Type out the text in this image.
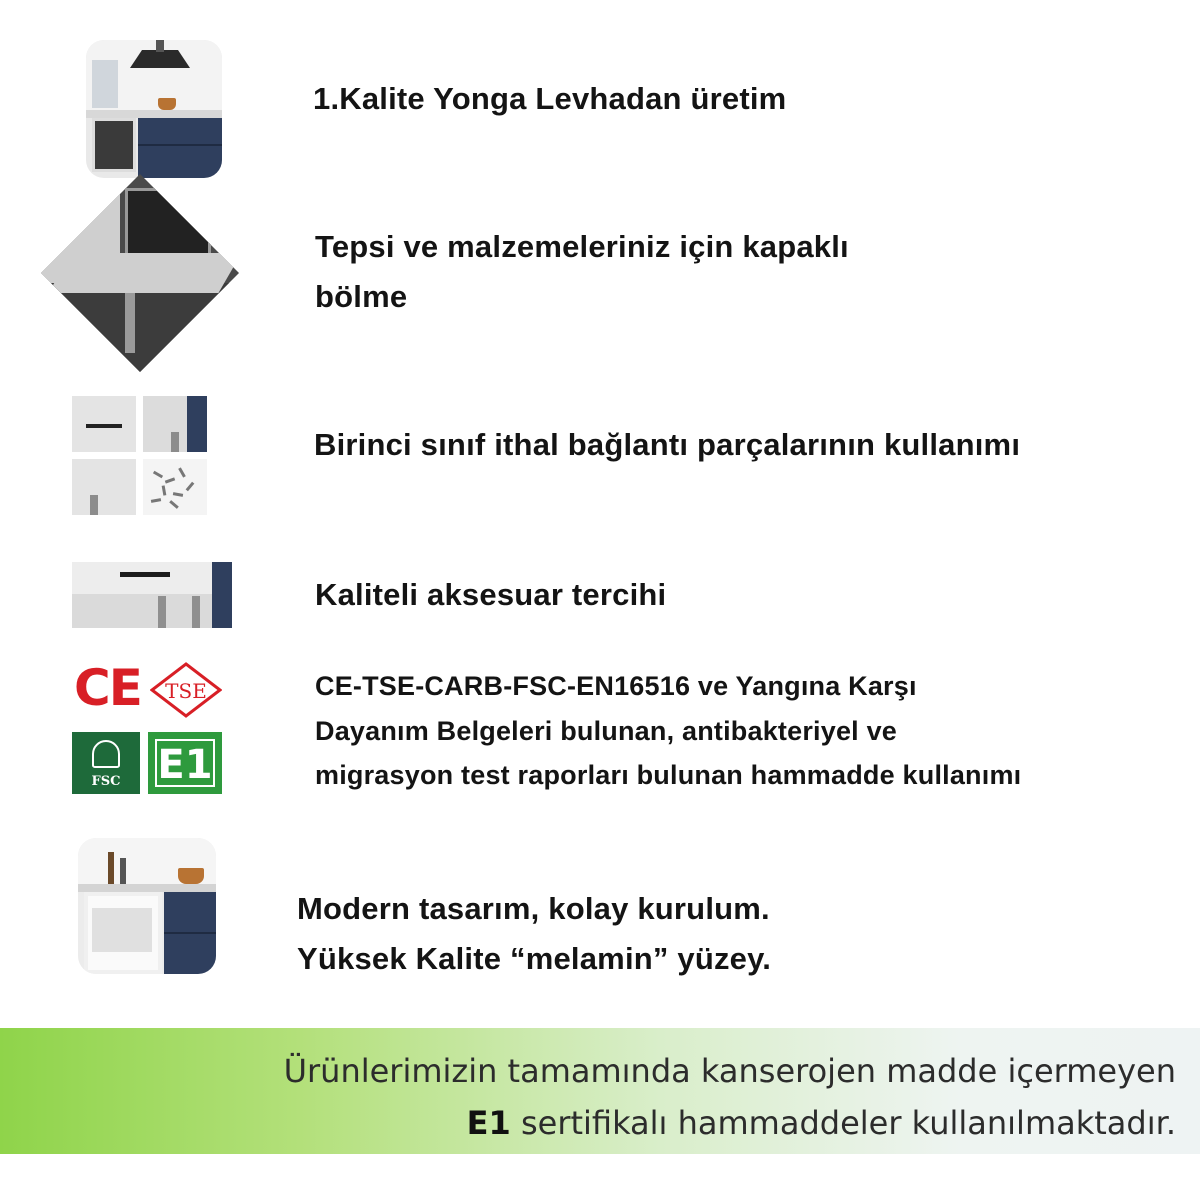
1.Kalite Yonga Levhadan üretim
Tepsi ve malzemeleriniz için kapaklı
bölme
Birinci sınıf ithal bağlantı parçalarının kullanımı
Kaliteli aksesuar tercihi
CE TSE
FSC E1
CE-TSE-CARB-FSC-EN16516 ve Yangına Karşı
Dayanım Belgeleri bulunan, antibakteriyel ve
migrasyon test raporları bulunan hammadde kullanımı
Modern tasarım, kolay kurulum.
Yüksek Kalite “melamin” yüzey.
Ürünlerimizin tamamında kanserojen madde içermeyen
E1 sertifikalı hammaddeler kullanılmaktadır.
